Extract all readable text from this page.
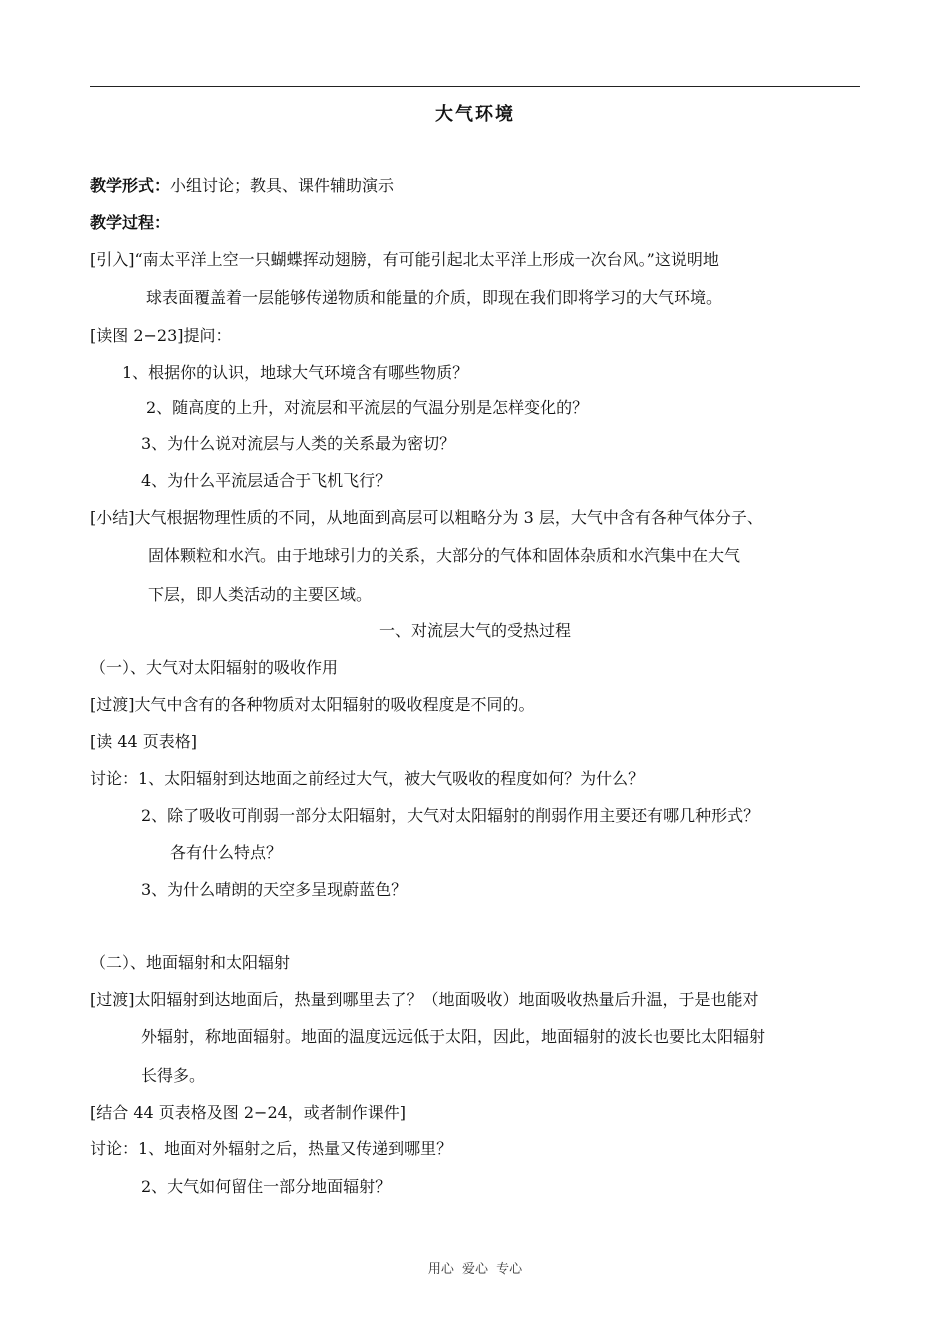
大气环境
教学形式：小组讨论；教具、课件辅助演示
教学过程：
[引入]“南太平洋上空一只蝴蝶挥动翅膀，有可能引起北太平洋上形成一次台风。”这说明地
球表面覆盖着一层能够传递物质和能量的介质，即现在我们即将学习的大气环境。
[读图 2−23]提问：
1、根据你的认识，地球大气环境含有哪些物质？
2、随高度的上升，对流层和平流层的气温分别是怎样变化的？
3、为什么说对流层与人类的关系最为密切？
4、为什么平流层适合于飞机飞行？
[小结]大气根据物理性质的不同，从地面到高层可以粗略分为 3 层，大气中含有各种气体分子、
固体颗粒和水汽。由于地球引力的关系，大部分的气体和固体杂质和水汽集中在大气
下层，即人类活动的主要区域。
一、对流层大气的受热过程
（一）、大气对太阳辐射的吸收作用
[过渡]大气中含有的各种物质对太阳辐射的吸收程度是不同的。
[读 44 页表格]
讨论：1、太阳辐射到达地面之前经过大气，被大气吸收的程度如何？为什么？
2、除了吸收可削弱一部分太阳辐射，大气对太阳辐射的削弱作用主要还有哪几种形式？
各有什么特点？
3、为什么晴朗的天空多呈现蔚蓝色？
（二）、地面辐射和太阳辐射
[过渡]太阳辐射到达地面后，热量到哪里去了？（地面吸收）地面吸收热量后升温，于是也能对
外辐射，称地面辐射。地面的温度远远低于太阳，因此，地面辐射的波长也要比太阳辐射
长得多。
[结合 44 页表格及图 2−24，或者制作课件]
讨论：1、地面对外辐射之后，热量又传递到哪里？
2、大气如何留住一部分地面辐射？
用心 爱心 专心
